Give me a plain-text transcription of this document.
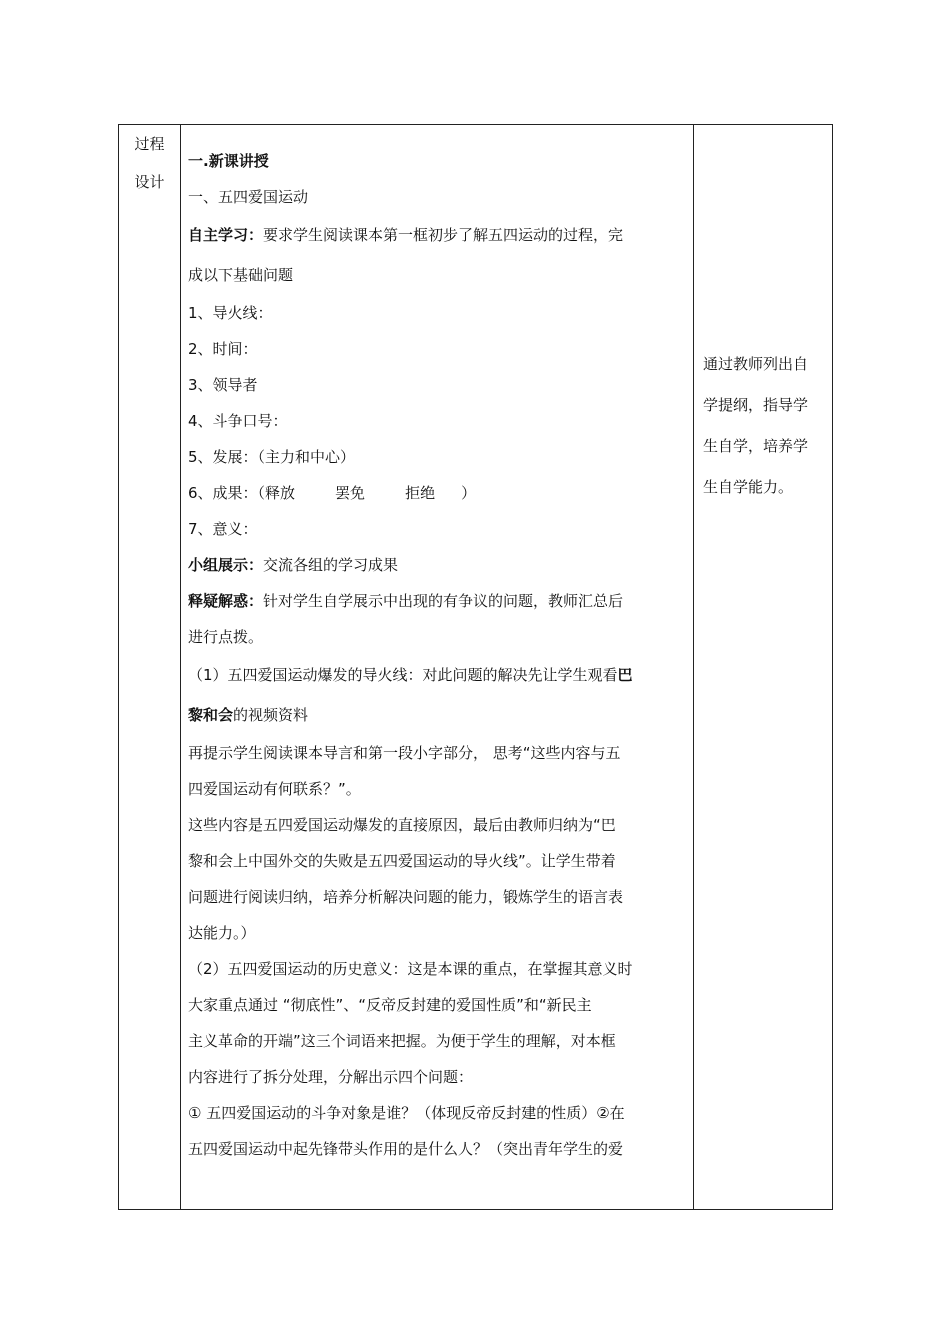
过程
设计

一.新课讲授

一、五四爱国运动

自主学习：要求学生阅读课本第一框初步了解五四运动的过程，完

成以下基础问题

1、导火线：

2、时间：

3、领导者

4、斗争口号：

5、发展：（主力和中心）

6、成果：（释放	罢免	拒绝 ）

7、意义：

小组展示：交流各组的学习成果

释疑解惑：针对学生自学展示中出现的有争议的问题，教师汇总后

进行点拨。

（1）五四爱国运动爆发的导火线：对此问题的解决先让学生观看巴

黎和会的视频资料

再提示学生阅读课本导言和第一段小字部分， 思考“这些内容与五

四爱国运动有何联系？”。

这些内容是五四爱国运动爆发的直接原因，最后由教师归纳为“巴

黎和会上中国外交的失败是五四爱国运动的导火线”。让学生带着

问题进行阅读归纳，培养分析解决问题的能力，锻炼学生的语言表

达能力。）

（2）五四爱国运动的历史意义：这是本课的重点，在掌握其意义时

大家重点通过 “彻底性”、“反帝反封建的爱国性质”和“新民主

主义革命的开端”这三个词语来把握。为便于学生的理解，对本框

内容进行了拆分处理，分解出示四个问题：

① 五四爱国运动的斗争对象是谁？（体现反帝反封建的性质）②在

五四爱国运动中起先锋带头作用的是什么人？（突出青年学生的爱

通过教师列出自
学提纲，指导学
生自学，培养学
生自学能力。
